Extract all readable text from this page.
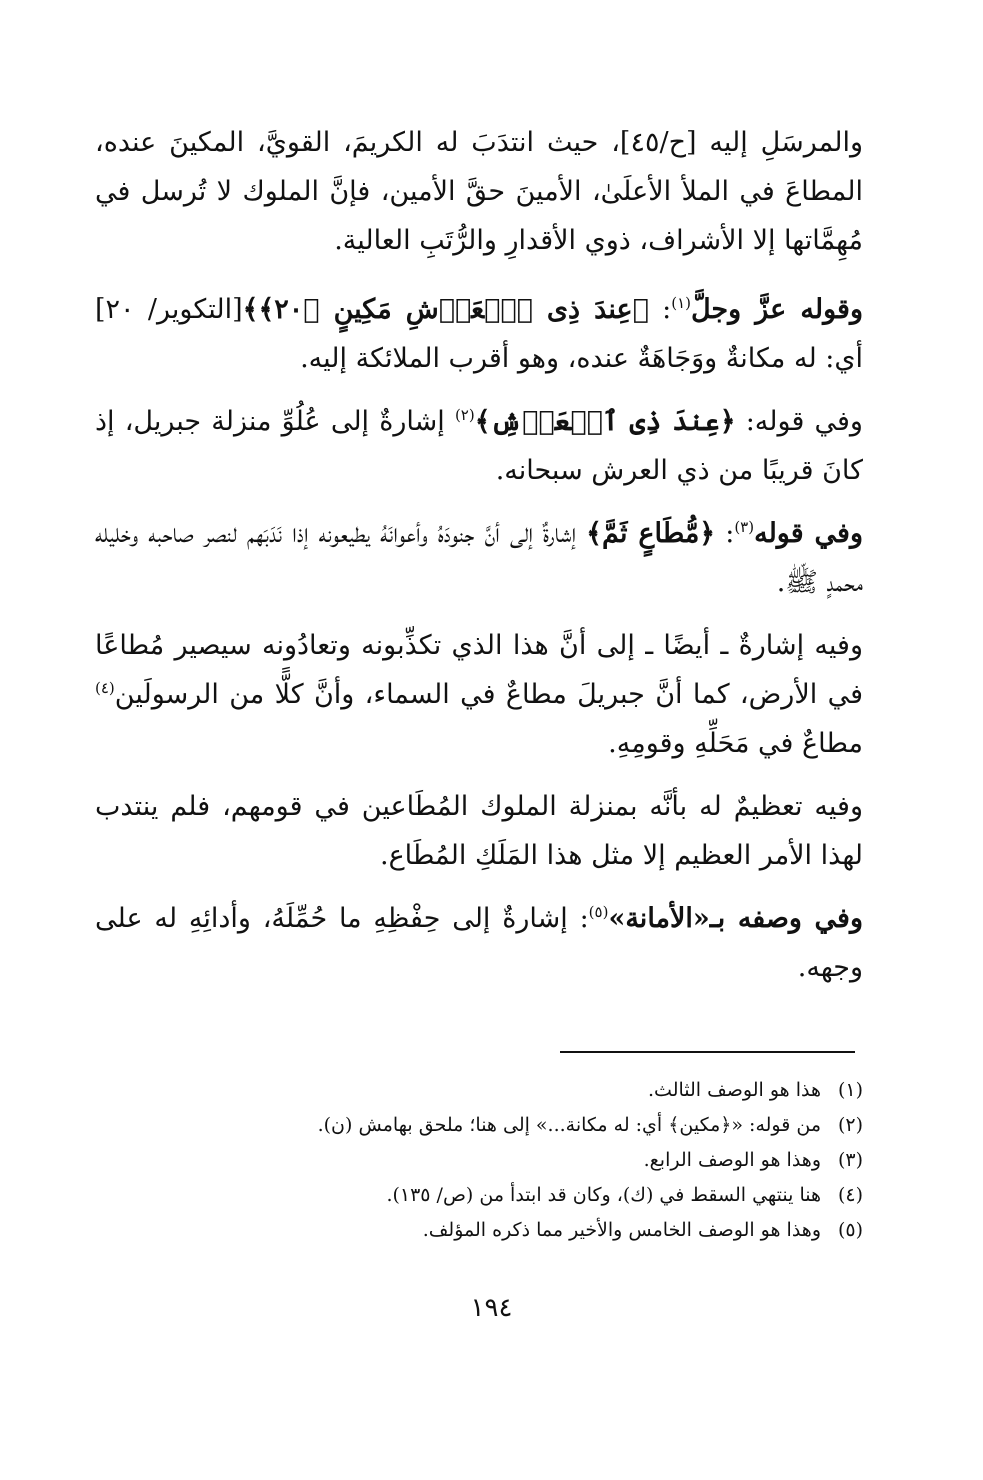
والمرسَلِ إليه [ح/٤٥]، حيث انتدَبَ له الكريمَ، القويَّ، المكينَ عنده، المطاعَ في الملأ الأعلَىٰ، الأمينَ حقَّ الأمين، فإنَّ الملوك لا تُرسل في مُهِمَّاتها إلا الأشراف، ذوي الأقدارِ والرُّتَبِ العالية.

وقوله عزَّ وجلَّ$^{(١)}$: ﴿عِندَ ذِى ٱلۡعَرۡشِ مَكِينٍ ﴿٢٠﴾﴾[التكوير/ ٢٠] أي: له مكانةٌ ووَجَاهَةٌ عنده، وهو أقرب الملائكة إليه.

وفي قوله: ﴿عِندَ ذِى ٱلۡعَرۡشِ﴾$^{(٢)}$ إشارةٌ إلى عُلُوِّ منزلة جبريل، إذ كانَ قريبًا من ذي العرش سبحانه.

وفي قوله$^{(٣)}$: ﴿مُّطَاعٍ ثَمَّ﴾ إشارةٌ إلى أنَّ جنودَهُ وأعوانَهُ يطيعونه إذا نَدَبَهم لنصر صاحبه وخليله محمدٍ ﷺ.

وفيه إشارةٌ ـ أيضًا ـ إلى أنَّ هذا الذي تكذِّبونه وتعادُونه سيصير مُطاعًا في الأرض، كما أنَّ جبريلَ مطاعٌ في السماء، وأنَّ كلًّا من الرسولَين$^{(٤)}$ مطاعٌ في مَحَلِّهِ وقومِهِ.

وفيه تعظيمٌ له بأنَّه بمنزلة الملوك المُطَاعين في قومهم، فلم ينتدب لهذا الأمر العظيم إلا مثل هذا المَلَكِ المُطَاع.

وفي وصفه بـ«الأمانة»$^{(٥)}$: إشارةٌ إلى حِفْظِهِ ما حُمِّلَهُ، وأدائِهِ له على وجهه.

(١)
هذا هو الوصف الثالث.
(٢)
من قوله: «﴿مكين﴾ أي: له مكانة...» إلى هنا؛ ملحق بهامش (ن).
(٣)
وهذا هو الوصف الرابع.
(٤)
هنا ينتهي السقط في (ك)، وكان قد ابتدأ من (ص/ ١٣٥).
(٥)
وهذا هو الوصف الخامس والأخير مما ذكره المؤلف.
١٩٤
